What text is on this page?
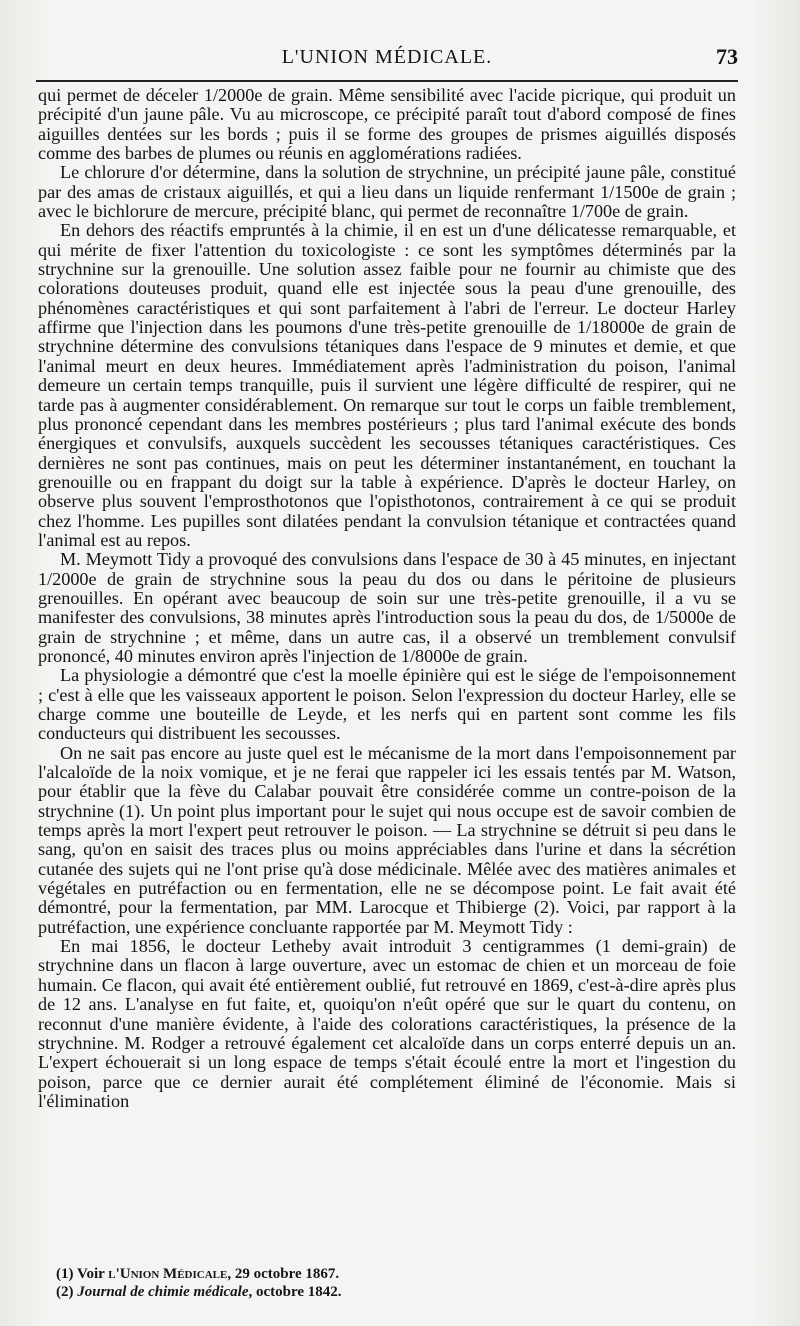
L'UNION MÉDICALE.	73

qui permet de déceler 1/2000e de grain. Même sensibilité avec l'acide picrique, qui produit un précipité d'un jaune pâle. Vu au microscope, ce précipité paraît tout d'abord composé de fines aiguilles dentées sur les bords ; puis il se forme des groupes de prismes aiguillés disposés comme des barbes de plumes ou réunis en agglomérations radiées.

Le chlorure d'or détermine, dans la solution de strychnine, un précipité jaune pâle, constitué par des amas de cristaux aiguillés, et qui a lieu dans un liquide renfermant 1/1500e de grain ; avec le bichlorure de mercure, précipité blanc, qui permet de reconnaître 1/700e de grain.

En dehors des réactifs empruntés à la chimie, il en est un d'une délicatesse remarquable, et qui mérite de fixer l'attention du toxicologiste : ce sont les symptômes déterminés par la strychnine sur la grenouille. Une solution assez faible pour ne fournir au chimiste que des colorations douteuses produit, quand elle est injectée sous la peau d'une grenouille, des phénomènes caractéristiques et qui sont parfaitement à l'abri de l'erreur. Le docteur Harley affirme que l'injection dans les poumons d'une très-petite grenouille de 1/18000e de grain de strychnine détermine des convulsions tétaniques dans l'espace de 9 minutes et demie, et que l'animal meurt en deux heures. Immédiatement après l'administration du poison, l'animal demeure un certain temps tranquille, puis il survient une légère difficulté de respirer, qui ne tarde pas à augmenter considérablement. On remarque sur tout le corps un faible tremblement, plus prononcé cependant dans les membres postérieurs ; plus tard l'animal exécute des bonds énergiques et convulsifs, auxquels succèdent les secousses tétaniques caractéristiques. Ces dernières ne sont pas continues, mais on peut les déterminer instantanément, en touchant la grenouille ou en frappant du doigt sur la table à expérience. D'après le docteur Harley, on observe plus souvent l'emprosthotonos que l'opisthotonos, contrairement à ce qui se produit chez l'homme. Les pupilles sont dilatées pendant la convulsion tétanique et contractées quand l'animal est au repos.

M. Meymott Tidy a provoqué des convulsions dans l'espace de 30 à 45 minutes, en injectant 1/2000e de grain de strychnine sous la peau du dos ou dans le péritoine de plusieurs grenouilles. En opérant avec beaucoup de soin sur une très-petite grenouille, il a vu se manifester des convulsions, 38 minutes après l'introduction sous la peau du dos, de 1/5000e de grain de strychnine ; et même, dans un autre cas, il a observé un tremblement convulsif prononcé, 40 minutes environ après l'injection de 1/8000e de grain.

La physiologie a démontré que c'est la moelle épinière qui est le siége de l'empoisonnement ; c'est à elle que les vaisseaux apportent le poison. Selon l'expression du docteur Harley, elle se charge comme une bouteille de Leyde, et les nerfs qui en partent sont comme les fils conducteurs qui distribuent les secousses.

On ne sait pas encore au juste quel est le mécanisme de la mort dans l'empoisonnement par l'alcaloïde de la noix vomique, et je ne ferai que rappeler ici les essais tentés par M. Watson, pour établir que la fève du Calabar pouvait être considérée comme un contre-poison de la strychnine (1). Un point plus important pour le sujet qui nous occupe est de savoir combien de temps après la mort l'expert peut retrouver le poison. — La strychnine se détruit si peu dans le sang, qu'on en saisit des traces plus ou moins appréciables dans l'urine et dans la sécrétion cutanée des sujets qui ne l'ont prise qu'à dose médicinale. Mêlée avec des matières animales et végétales en putréfaction ou en fermentation, elle ne se décompose point. Le fait avait été démontré, pour la fermentation, par MM. Larocque et Thibierge (2). Voici, par rapport à la putréfaction, une expérience concluante rapportée par M. Meymott Tidy :

En mai 1856, le docteur Letheby avait introduit 3 centigrammes (1 demi-grain) de strychnine dans un flacon à large ouverture, avec un estomac de chien et un morceau de foie humain. Ce flacon, qui avait été entièrement oublié, fut retrouvé en 1869, c'est-à-dire après plus de 12 ans. L'analyse en fut faite, et, quoiqu'on n'eût opéré que sur le quart du contenu, on reconnut d'une manière évidente, à l'aide des colorations caractéristiques, la présence de la strychnine. M. Rodger a retrouvé également cet alcaloïde dans un corps enterré depuis un an. L'expert échouerait si un long espace de temps s'était écoulé entre la mort et l'ingestion du poison, parce que ce dernier aurait été complétement éliminé de l'économie. Mais si l'élimination

(1) Voir l'Union Médicale, 29 octobre 1867.
(2) Journal de chimie médicale, octobre 1842.
